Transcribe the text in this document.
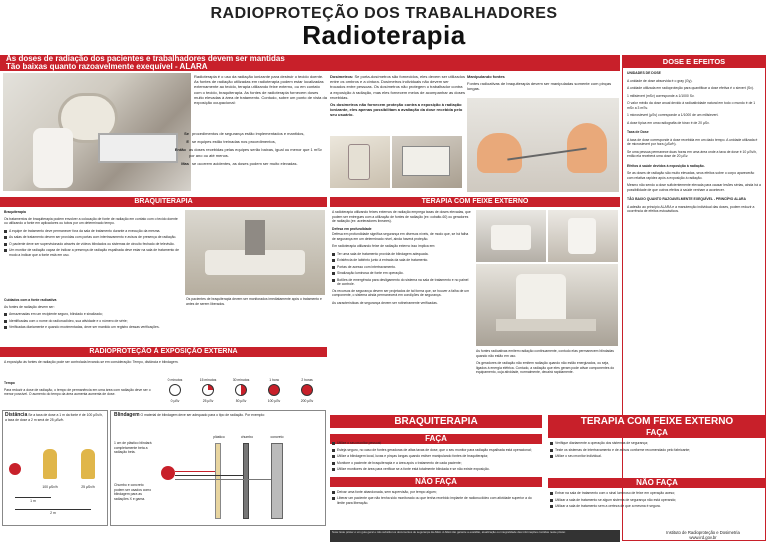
RADIOPROTEÇÃO DOS TRABALHADORES
Radioterapia
As doses de radiação dos pacientes e trabalhadores devem ser mantidas
Tão baixas quanto razoavelmente exequível - ALARA

Radioterapia é o uso da radiação ionizante para destruir o tecido doente. As fontes de radiação utilizadas em radioterapia podem estar localizadas externamente ao tecido, terapia utilizando feixe externo, ou em contato com o tecido, braquiterapia. As fontes de radioterapia fornecem doses muito elevadas à área de tratamento. Contudo, sobre um ponto de vista da exposição ocupacional:

Se procedimentos de segurança estão implementados e mantidos,
E se equipes estão treinadas nos procedimentos,
Então as doses recebidas pelas equipes serão baixas, igual ou menor que 1 mSv por ano ou até menos.
Mas se ocorrem acidentes, as doses podem ser muito elevadas.
Dosímetros: Se porta-dosímetros são fornecidos, eles devem ser utilizados entre os ombros e a cintura. Dosímetros individuais não devem ser trocados entre pessoas. Os dosímetros não protegem o trabalhador contra a exposição à radiação, mas eles fornecem meios de acompanhar as doses recebidas.

Os dosímetros não fornecem proteção contra a exposição à radiação ionizante, eles apenas possibilitam a avaliação da dose recebida pelo seu usuário.

Manipulando fontes

Fontes radioativas de braquiterapia devem ser manipuladas somente com pinças longas.

DOSE E EFEITOS

UNIDADES DE DOSE

A unidade de dose absorvida é o gray (Gy).

A unidade utilizada em radioproteção para quantificar a dose efetiva é o sievert (Sv).

1 milisievert (mSv) corresponde a 1/1000 Sv.

O valor médio da dose anual devido à radioatividade natural em todo o mundo é de 1 mSv a 3 mSv.

1 microsievert (µSv) corresponde a 1/1000 de um milisievert.

A dose típica em uma radiografia de tórax é de 20 µSv.

Taxa de Dose

A taxa de dose corresponde à dose recebida em um dado tempo. A unidade utilizada é de microsievert por hora (µSv/h).

Se uma pessoa permanece duas horas em uma área onde a taxa de dose é 10 µSv/h, então ela receberá uma dose de 20 µSv.

Efeitos à saúde devidos à exposição à radiação.

Se as doses de radiação são muito elevadas, seus efeitos sobre o corpo aparecerão com relativa rapidez após a exposição à radiação.

Mesmo não sendo a dose suficientemente elevada para causar lesões sérias, ainda há a possibilidade de que outros efeitos à saúde venham a acontecer.

TÃO BAIXO QUANTO RAZOAVELMENTE EXEQUÍVEL - PRINCÍPIO ALARA

A adesão ao princípio ALARA e a manutenção individual das doses, podem reduzir a ocorrência de efeitos estocásticos.

BRAQUITERAPIA

Braquiterapia

Os tratamentos de braquiterapia podem envolver a colocação de fonte de radiação em contato com o tecido doente ou utilizando a fonte em aplicadores ou tubos por um determinado tempo.

A equipe de tratamento deve permanecer fora da sala de tratamento durante a execução da mesma.
As salas de tratamento devem ser providas com portas com intertravamento e avisos de presença de radiação.
O paciente deve ser supervisionado através de vídeos blindados ou sistemas de circuito fechado de televisão.
Um monitor de radiação capaz de indicar a presença de radiação espalhada deve estar na sala de tratamento de modo a indicar que a fonte está em uso.
Os pacientes de braquiterapia devem ser monitorados imediatamente após o tratamento e antes de serem liberados.

Cuidados com a fonte radioativa

As fontes de radiação devem ser:

Armazenadas em um recipiente seguro, blindado e sinalizado;
Identificadas com o nome do radionuclídeo, sua atividade e o número de série;
Verificadas diariamente e quando movimentadas, deve ser mantido um registro dessas verificações.
TERAPIA COM FEIXE EXTERNO

A radioterapia utilizando feixes externos de radiação emprega taxas de doses elevadas, que podem ser entregues com a utilização de fontes de radiação (ex: cobalto-60) ou geradores de radiação (ex: aceleradores lineares).

Defesa em profundidade

Defesa em profundidade significa segurança em diversos níveis, de modo que, se há falha de segurança em um determinado nível, ainda haverá proteção.

Em radioterapia utilizando feixe de radiação externo isso implica em:

Ter uma sala de tratamento provida de blindagem adequada.
Existência de labirinto junto à entrada da sala de tratamento.
Portas de acesso com intertravamento.
Sinalização luminosa de fonte em operação.
Botões de emergência para desligamento do sistema na sala de tratamento e no painel de controle.

Os recursos de segurança devem ser projetados de tal forma que, se houver a falha de um componente, o sistema ainda permanecerá em condições de segurança.

As características de segurança devem ser rotineiramente verificadas.

As fontes radioativas emitem radiação continuamente, contudo elas permanecem blindadas quando não estão em uso.

Os geradores de radiação não emitem radiação quando não estão energizados, ou seja, ligados à energia elétrica. Contudo, a radiação que eles geram pode ativar componentes do equipamento, cuja atividade, normalmente, decairá rapidamente.

RADIOPROTEÇÃO À EXPOSIÇÃO EXTERNA
A exposição às fontes de radiação pode ser controlada levando-se em consideração: Tempo, distância e blindagem.

Tempo

Para reduzir a dose de radiação, o tempo de permanência em uma área com radiação deve ser o menor possível. O aumento do tempo da área aumenta aumenta de dose.

0 minutos	15 minutos	30 minutos	1 hora	2 horas
0 µSv	25 µSv	50 µSv	100 µSv	200 µSv
Distância Se a taxa de dose a 1 m da fonte é de 100 µSv/h, a taxa de dose a 2 m será de 25 µSv/h.
100 µSv/h	25 µSv/h
1 m
2 m
Blindagem O material de blindagem deve ser adequado para o tipo de radiação. Por exemplo:
1 cm de plástico blindará completamente beta a radiação beta.
Chumbo e concreto podem ser usados como blindagem para as radiações X e gama.
plástico	chumbo	concreto
BRAQUITERAPIA
FAÇA
Utilize o seu monitor pessoal;
Esteja seguro, no caso de fontes geradoras de altas taxas de dose, que o seu monitor para radiação espalhada está operacional;
Utilize a blindagem local, luvas e pinças longas quando estiver manipulando fontes de braquiterapia;
Monitore o paciente de braquiterapia e a área após o tratamento de cada paciente;
Utilize monitores de área para verificar se a fonte está totalmente blindada e se não existe exposição.
NÃO FAÇA
Deixar uma fonte abandonada, sem supervisão, por tempo algum;
Liberar um paciente que não tenha sido monitorado ou que tenha recebido implante de radionuclídeo com atividade superior a do limite para liberação.
TERAPIA COM FEIXE EXTERNO
FAÇA
Verifique diariamente a operação dos sistemas de segurança;
Teste os sistemas de intertravamento e de avisos conforme recomendado pelo fabricante;
Utilize o seu monitor individual.
NÃO FAÇA
Entrar na sala de tratamento com o sinal luminoso de feixe em operação aceso;
Utilizar a sala de tratamento se algum sistema de segurança não está operando;
Utilizar a sala de tratamento sem a certeza de que a mesma é segura.
Nota: Este pôster é um guia geral e não substitui os documentos de segurança da AIEA. A AIEA não garante a exatidão, atualização ou integralidade das informações contidas neste pôster.	Instituto de Radioproteção e Dosimetria
www.ird.gov.br
